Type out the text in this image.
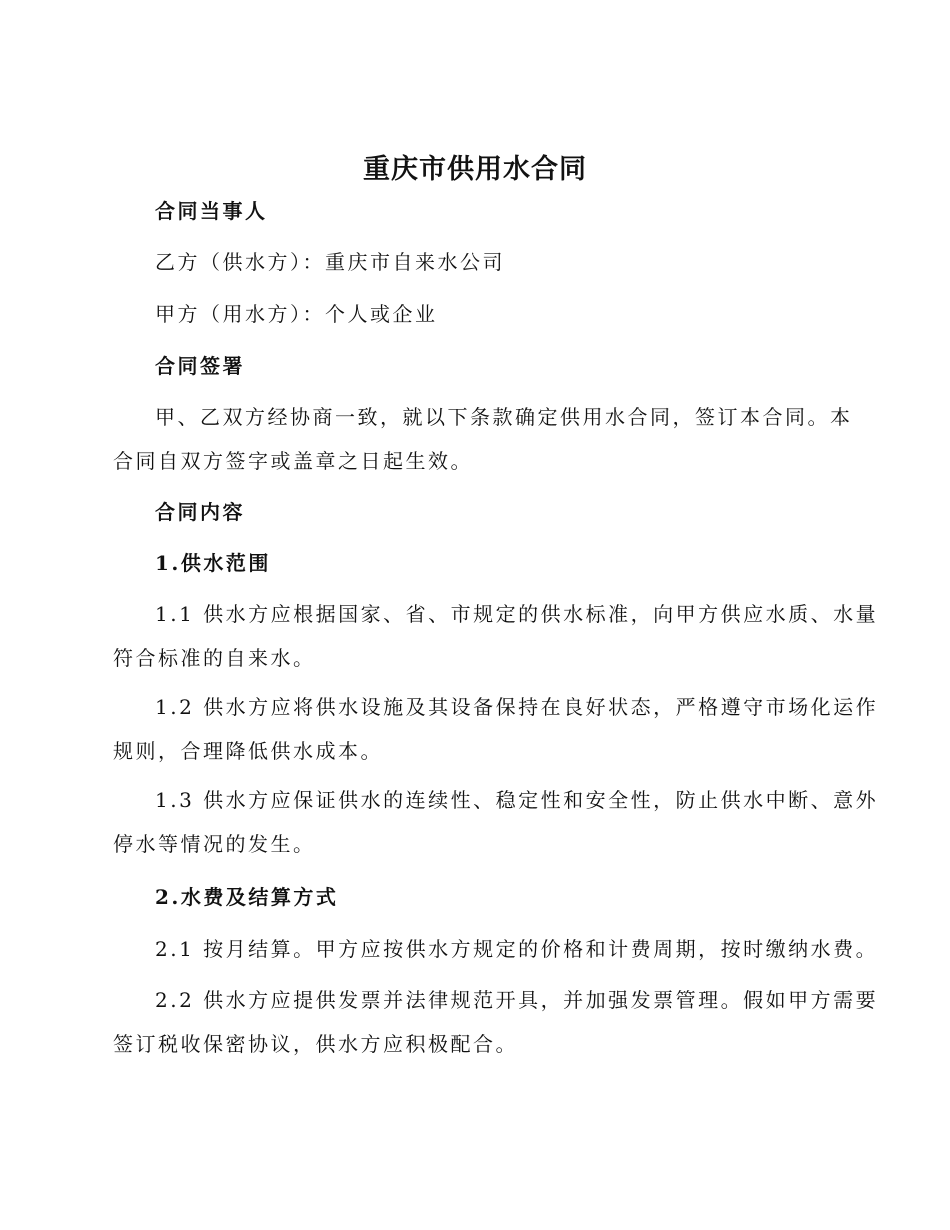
重庆市供用水合同
合同当事人
乙方（供水方）：重庆市自来水公司
甲方（用水方）：个人或企业
合同签署
甲、乙双方经协商一致，就以下条款确定供用水合同，签订本合同。本
合同自双方签字或盖章之日起生效。
合同内容
1.供水范围
1.1 供水方应根据国家、省、市规定的供水标准，向甲方供应水质、水量
符合标准的自来水。
1.2 供水方应将供水设施及其设备保持在良好状态，严格遵守市场化运作
规则，合理降低供水成本。
1.3 供水方应保证供水的连续性、稳定性和安全性，防止供水中断、意外
停水等情况的发生。
2.水费及结算方式
2.1 按月结算。甲方应按供水方规定的价格和计费周期，按时缴纳水费。
2.2 供水方应提供发票并法律规范开具，并加强发票管理。假如甲方需要
签订税收保密协议，供水方应积极配合。
